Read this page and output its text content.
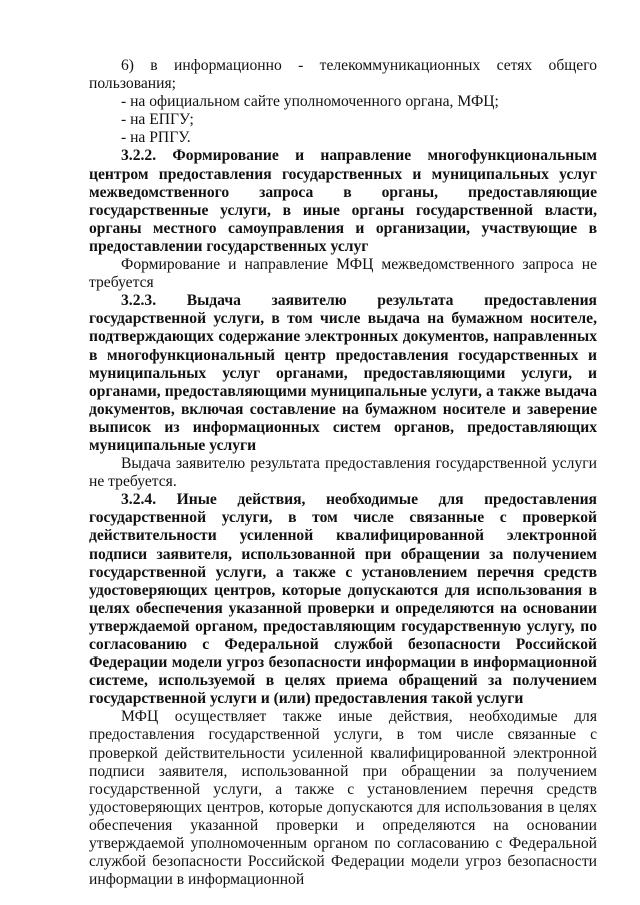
6) в информационно - телекоммуникационных сетях общего пользования;

- на официальном сайте уполномоченного органа, МФЦ;

- на ЕПГУ;

- на РПГУ.

3.2.2. Формирование и направление многофункциональным центром предоставления государственных и муниципальных услуг межведомственного запроса в органы, предоставляющие государственные услуги, в иные органы государственной власти, органы местного самоуправления и организации, участвующие в предоставлении государственных услуг

Формирование и направление МФЦ межведомственного запроса не требуется

3.2.3. Выдача заявителю результата предоставления государственной услуги, в том числе выдача на бумажном носителе, подтверждающих содержание электронных документов, направленных в многофункциональный центр предоставления государственных и муниципальных услуг органами, предоставляющими услуги, и органами, предоставляющими муниципальные услуги, а также выдача документов, включая составление на бумажном носителе и заверение выписок из информационных систем органов, предоставляющих муниципальные услуги

Выдача заявителю результата предоставления государственной услуги не требуется.

3.2.4. Иные действия, необходимые для предоставления государственной услуги, в том числе связанные с проверкой действительности усиленной квалифицированной электронной подписи заявителя, использованной при обращении за получением государственной услуги, а также с установлением перечня средств удостоверяющих центров, которые допускаются для использования в целях обеспечения указанной проверки и определяются на основании утверждаемой органом, предоставляющим государственную услугу, по согласованию с Федеральной службой безопасности Российской Федерации модели угроз безопасности информации в информационной системе, используемой в целях приема обращений за получением государственной услуги и (или) предоставления такой услуги

МФЦ осуществляет также иные действия, необходимые для предоставления государственной услуги, в том числе связанные с проверкой действительности усиленной квалифицированной электронной подписи заявителя, использованной при обращении за получением государственной услуги, а также с установлением перечня средств удостоверяющих центров, которые допускаются для использования в целях обеспечения указанной проверки и определяются на основании утверждаемой уполномоченным органом по согласованию с Федеральной службой безопасности Российской Федерации модели угроз безопасности информации в информационной
